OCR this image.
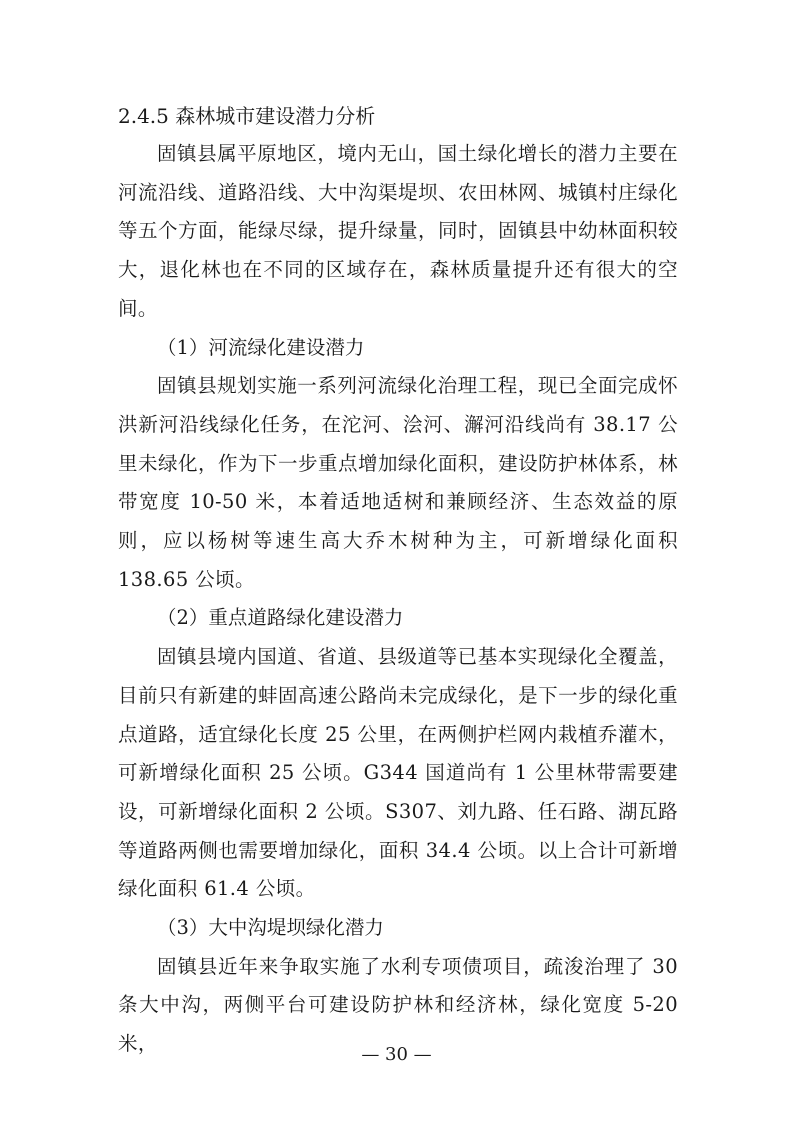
2.4.5 森林城市建设潜力分析

固镇县属平原地区，境内无山，国土绿化增长的潜力主要在河流沿线、道路沿线、大中沟渠堤坝、农田林网、城镇村庄绿化等五个方面，能绿尽绿，提升绿量，同时，固镇县中幼林面积较大，退化林也在不同的区域存在，森林质量提升还有很大的空间。

（1）河流绿化建设潜力

固镇县规划实施一系列河流绿化治理工程，现已全面完成怀洪新河沿线绿化任务，在沱河、浍河、澥河沿线尚有 38.17 公里未绿化，作为下一步重点增加绿化面积，建设防护林体系，林带宽度 10-50 米，本着适地适树和兼顾经济、生态效益的原则，应以杨树等速生高大乔木树种为主，可新增绿化面积 138.65 公顷。

（2）重点道路绿化建设潜力

固镇县境内国道、省道、县级道等已基本实现绿化全覆盖，目前只有新建的蚌固高速公路尚未完成绿化，是下一步的绿化重点道路，适宜绿化长度 25 公里，在两侧护栏网内栽植乔灌木，可新增绿化面积 25 公顷。G344 国道尚有 1 公里林带需要建设，可新增绿化面积 2 公顷。S307、刘九路、任石路、湖瓦路等道路两侧也需要增加绿化，面积 34.4 公顷。以上合计可新增绿化面积 61.4 公顷。

（3）大中沟堤坝绿化潜力

固镇县近年来争取实施了水利专项债项目，疏浚治理了 30 条大中沟，两侧平台可建设防护林和经济林，绿化宽度 5-20 米，	— 30 —
